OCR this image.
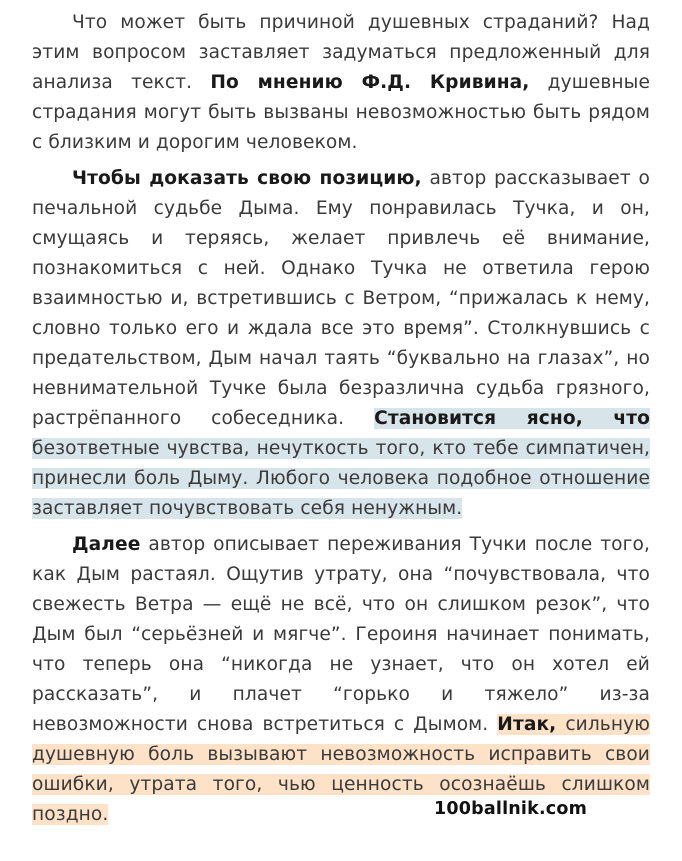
Что может быть причиной душевных страданий? Над этим вопросом заставляет задуматься предложенный для анализа текст. По мнению Ф.Д. Кривина, душевные страдания могут быть вызваны невозможностью быть рядом с близким и дорогим человеком.

Чтобы доказать свою позицию, автор рассказывает о печальной судьбе Дыма. Ему понравилась Тучка, и он, смущаясь и теряясь, желает привлечь её внимание, познакомиться с ней. Однако Тучка не ответила герою взаимностью и, встретившись с Ветром, “прижалась к нему, словно только его и ждала все это время”. Столкнувшись с предательством, Дым начал таять “буквально на глазах”, но невнимательной Тучке была безразлична судьба грязного, растрёпанного собеседника. Становится ясно, что безответные чувства, нечуткость того, кто тебе симпатичен, принесли боль Дыму. Любого человека подобное отношение заставляет почувствовать себя ненужным.

Далее автор описывает переживания Тучки после того, как Дым растаял. Ощутив утрату, она “почувствовала, что свежесть Ветра — ещё не всё, что он слишком резок”, что Дым был “серьёзней и мягче”. Героиня начинает понимать, что теперь она “никогда не узнает, что он хотел ей рассказать”, и плачет “горько и тяжело” из-за невозможности снова встретиться с Дымом. Итак, сильную душевную боль вызывают невозможность исправить свои ошибки, утрата того, чью ценность осознаёшь слишком поздно.	100ballnik.com
